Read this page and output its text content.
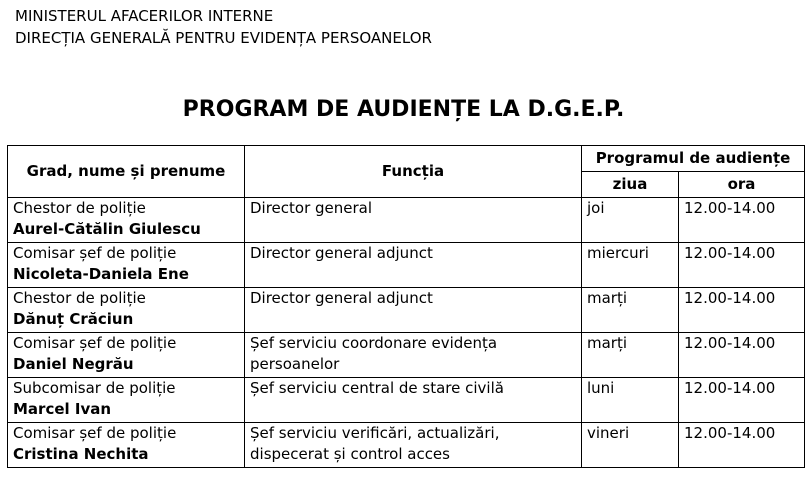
MINISTERUL AFACERILOR INTERNE
DIRECȚIA GENERALĂ PENTRU EVIDENȚA PERSOANELOR
PROGRAM DE AUDIENȚE LA D.G.E.P.
Grad, nume și prenume	Funcția	Programul de audiențe	
		ziua	ora

Chestor de poliție
Aurel-Cătălin Giulescu	Director general	joi	12.00-14.00

Comisar șef de poliție
Nicoleta-Daniela Ene	Director general adjunct	miercuri	12.00-14.00

Chestor de poliție
Dănuț Crăciun	Director general adjunct	marți	12.00-14.00

Comisar șef de poliție
Daniel Negrău	Șef serviciu coordonare evidența persoanelor	marți	12.00-14.00

Subcomisar de poliție
Marcel Ivan	Șef serviciu central de stare civilă	luni	12.00-14.00

Comisar șef de poliție
Cristina Nechita	Șef serviciu verificări, actualizări, dispecerat și control acces	vineri	12.00-14.00
